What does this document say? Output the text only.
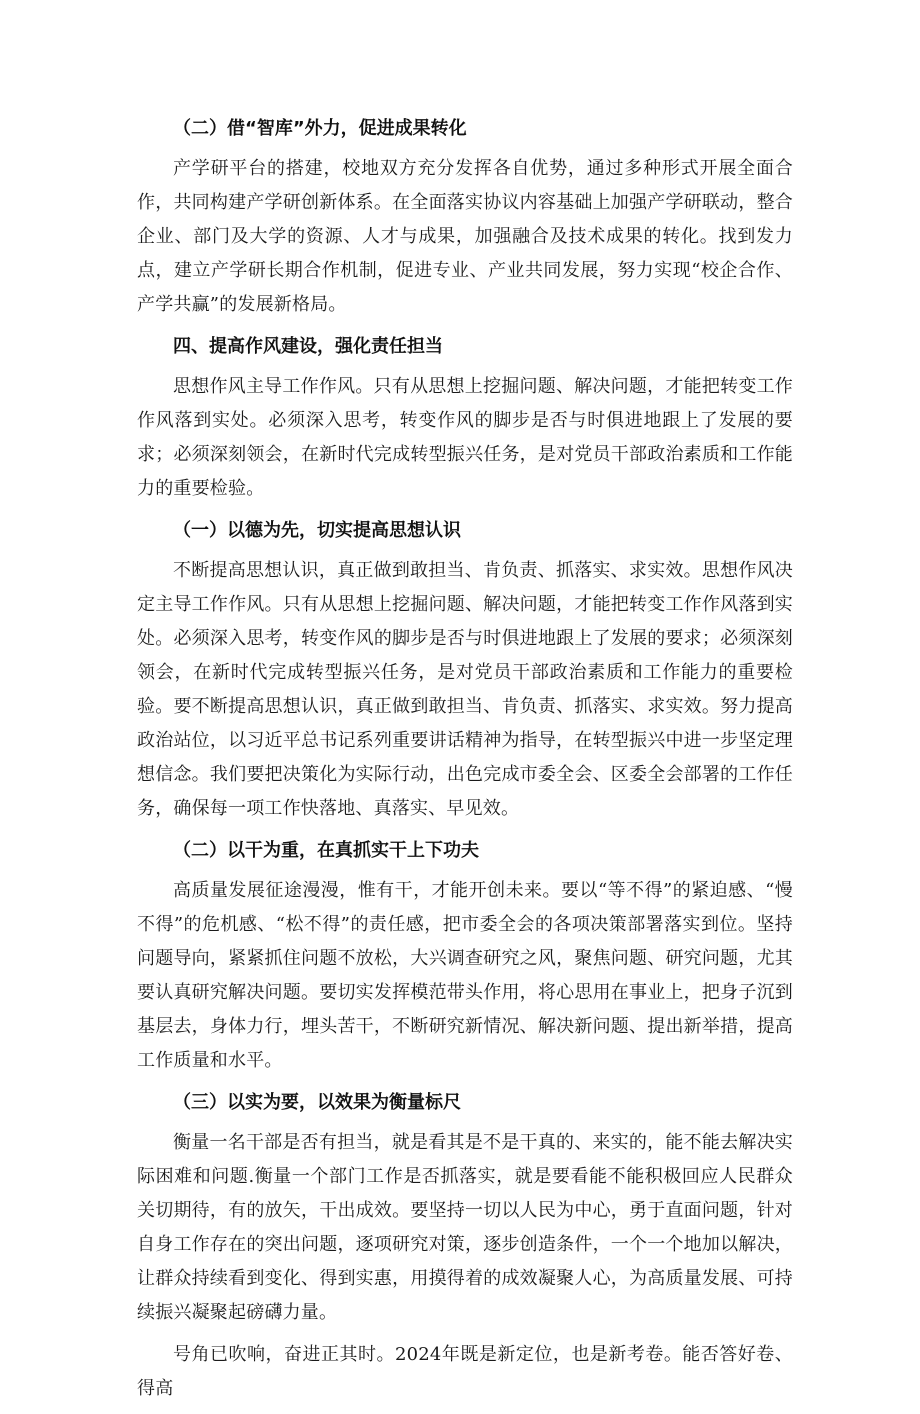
（二）借“智库”外力，促进成果转化

产学研平台的搭建，校地双方充分发挥各自优势，通过多种形式开展全面合作，共同构建产学研创新体系。在全面落实协议内容基础上加强产学研联动，整合企业、部门及大学的资源、人才与成果，加强融合及技术成果的转化。找到发力点，建立产学研长期合作机制，促进专业、产业共同发展，努力实现“校企合作、产学共赢”的发展新格局。

四、提高作风建设，强化责任担当

思想作风主导工作作风。只有从思想上挖掘问题、解决问题，才能把转变工作作风落到实处。必须深入思考，转变作风的脚步是否与时俱进地跟上了发展的要求；必须深刻领会，在新时代完成转型振兴任务，是对党员干部政治素质和工作能力的重要检验。

（一）以德为先，切实提高思想认识

不断提高思想认识，真正做到敢担当、肯负责、抓落实、求实效。思想作风决定主导工作作风。只有从思想上挖掘问题、解决问题，才能把转变工作作风落到实处。必须深入思考，转变作风的脚步是否与时俱进地跟上了发展的要求；必须深刻领会，在新时代完成转型振兴任务，是对党员干部政治素质和工作能力的重要检验。要不断提高思想认识，真正做到敢担当、肯负责、抓落实、求实效。努力提高政治站位，以习近平总书记系列重要讲话精神为指导，在转型振兴中进一步坚定理想信念。我们要把决策化为实际行动，出色完成市委全会、区委全会部署的工作任务，确保每一项工作快落地、真落实、早见效。

（二）以干为重，在真抓实干上下功夫

高质量发展征途漫漫，惟有干，才能开创未来。要以“等不得”的紧迫感、“慢不得”的危机感、“松不得”的责任感，把市委全会的各项决策部署落实到位。坚持问题导向，紧紧抓住问题不放松，大兴调查研究之风，聚焦问题、研究问题，尤其要认真研究解决问题。要切实发挥模范带头作用，将心思用在事业上，把身子沉到基层去，身体力行，埋头苦干，不断研究新情况、解决新问题、提出新举措，提高工作质量和水平。

（三）以实为要，以效果为衡量标尺

衡量一名干部是否有担当，就是看其是不是干真的、来实的，能不能去解决实际困难和问题.衡量一个部门工作是否抓落实，就是要看能不能积极回应人民群众关切期待，有的放矢，干出成效。要坚持一切以人民为中心，勇于直面问题，针对自身工作存在的突出问题，逐项研究对策，逐步创造条件，一个一个地加以解决，让群众持续看到变化、得到实惠，用摸得着的成效凝聚人心，为高质量发展、可持续振兴凝聚起磅礴力量。

号角已吹响，奋进正其时。2024年既是新定位，也是新考卷。能否答好卷、得高
